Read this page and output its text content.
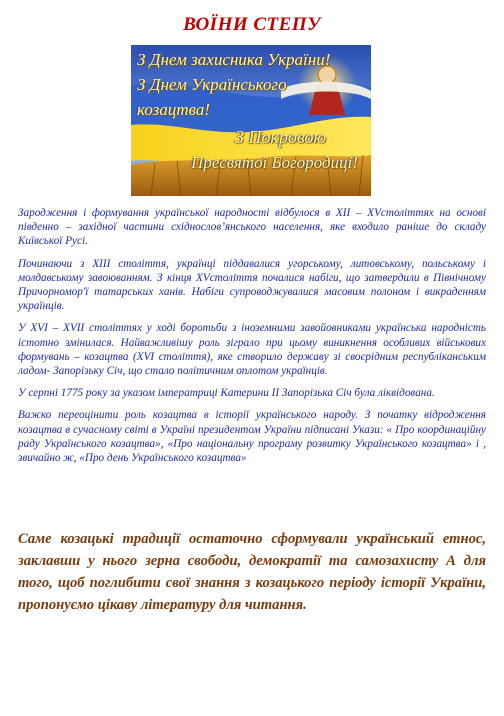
ВОЇНИ СТЕПУ
З Днем захисника України!
З Днем Українського
козацтва!
З Покровою
Пресвятої Богородиці!

Зародження і формування української народності відбулося в XII – XVстоліттях на основі південно – західної частини східнослов’янського населення, яке входило раніше до складу Київської Русі.

Починаючи з XIII століття, українці піддавалися угорському, литовському, польському і молдавському завоюванням. З кінця XVстоліття почалися набіги, що затвердили в Північному Причорномор'ї татарських ханів. Набіги супроводжувалися масовим полоном і викраденням українців.

У XVI – XVII століттях у ході боротьби з іноземними завойовниками українська народність істотно змінилася. Найважливішу роль зіграло при цьому виникнення особливих військових формувань – козацтва (XVI століття), яке створило державу зі своєрідним республіканським ладом- Запорізьку Січ, що стало політичним оплотом українців.

У серпні 1775 року за указом імператриці Катерини II Запорізька Січ була ліквідована.

Важко переоцінити роль козацтва в історії українського народу. З початку відродження козацтва в сучасному світі в Україні президентом України підписані Укази: « Про координаційну раду Українського козацтва», «Про національну програму розвитку Українського козацтва» і , звичайно ж, «Про день Українського козацтва»

Саме козацькі традиції остаточно сформували український етнос, заклавши у нього зерна свободи, демократії та самозахисту А для того, щоб поглибити свої знання з козацького періоду історії України, пропонуємо цікаву літературу для читання.
